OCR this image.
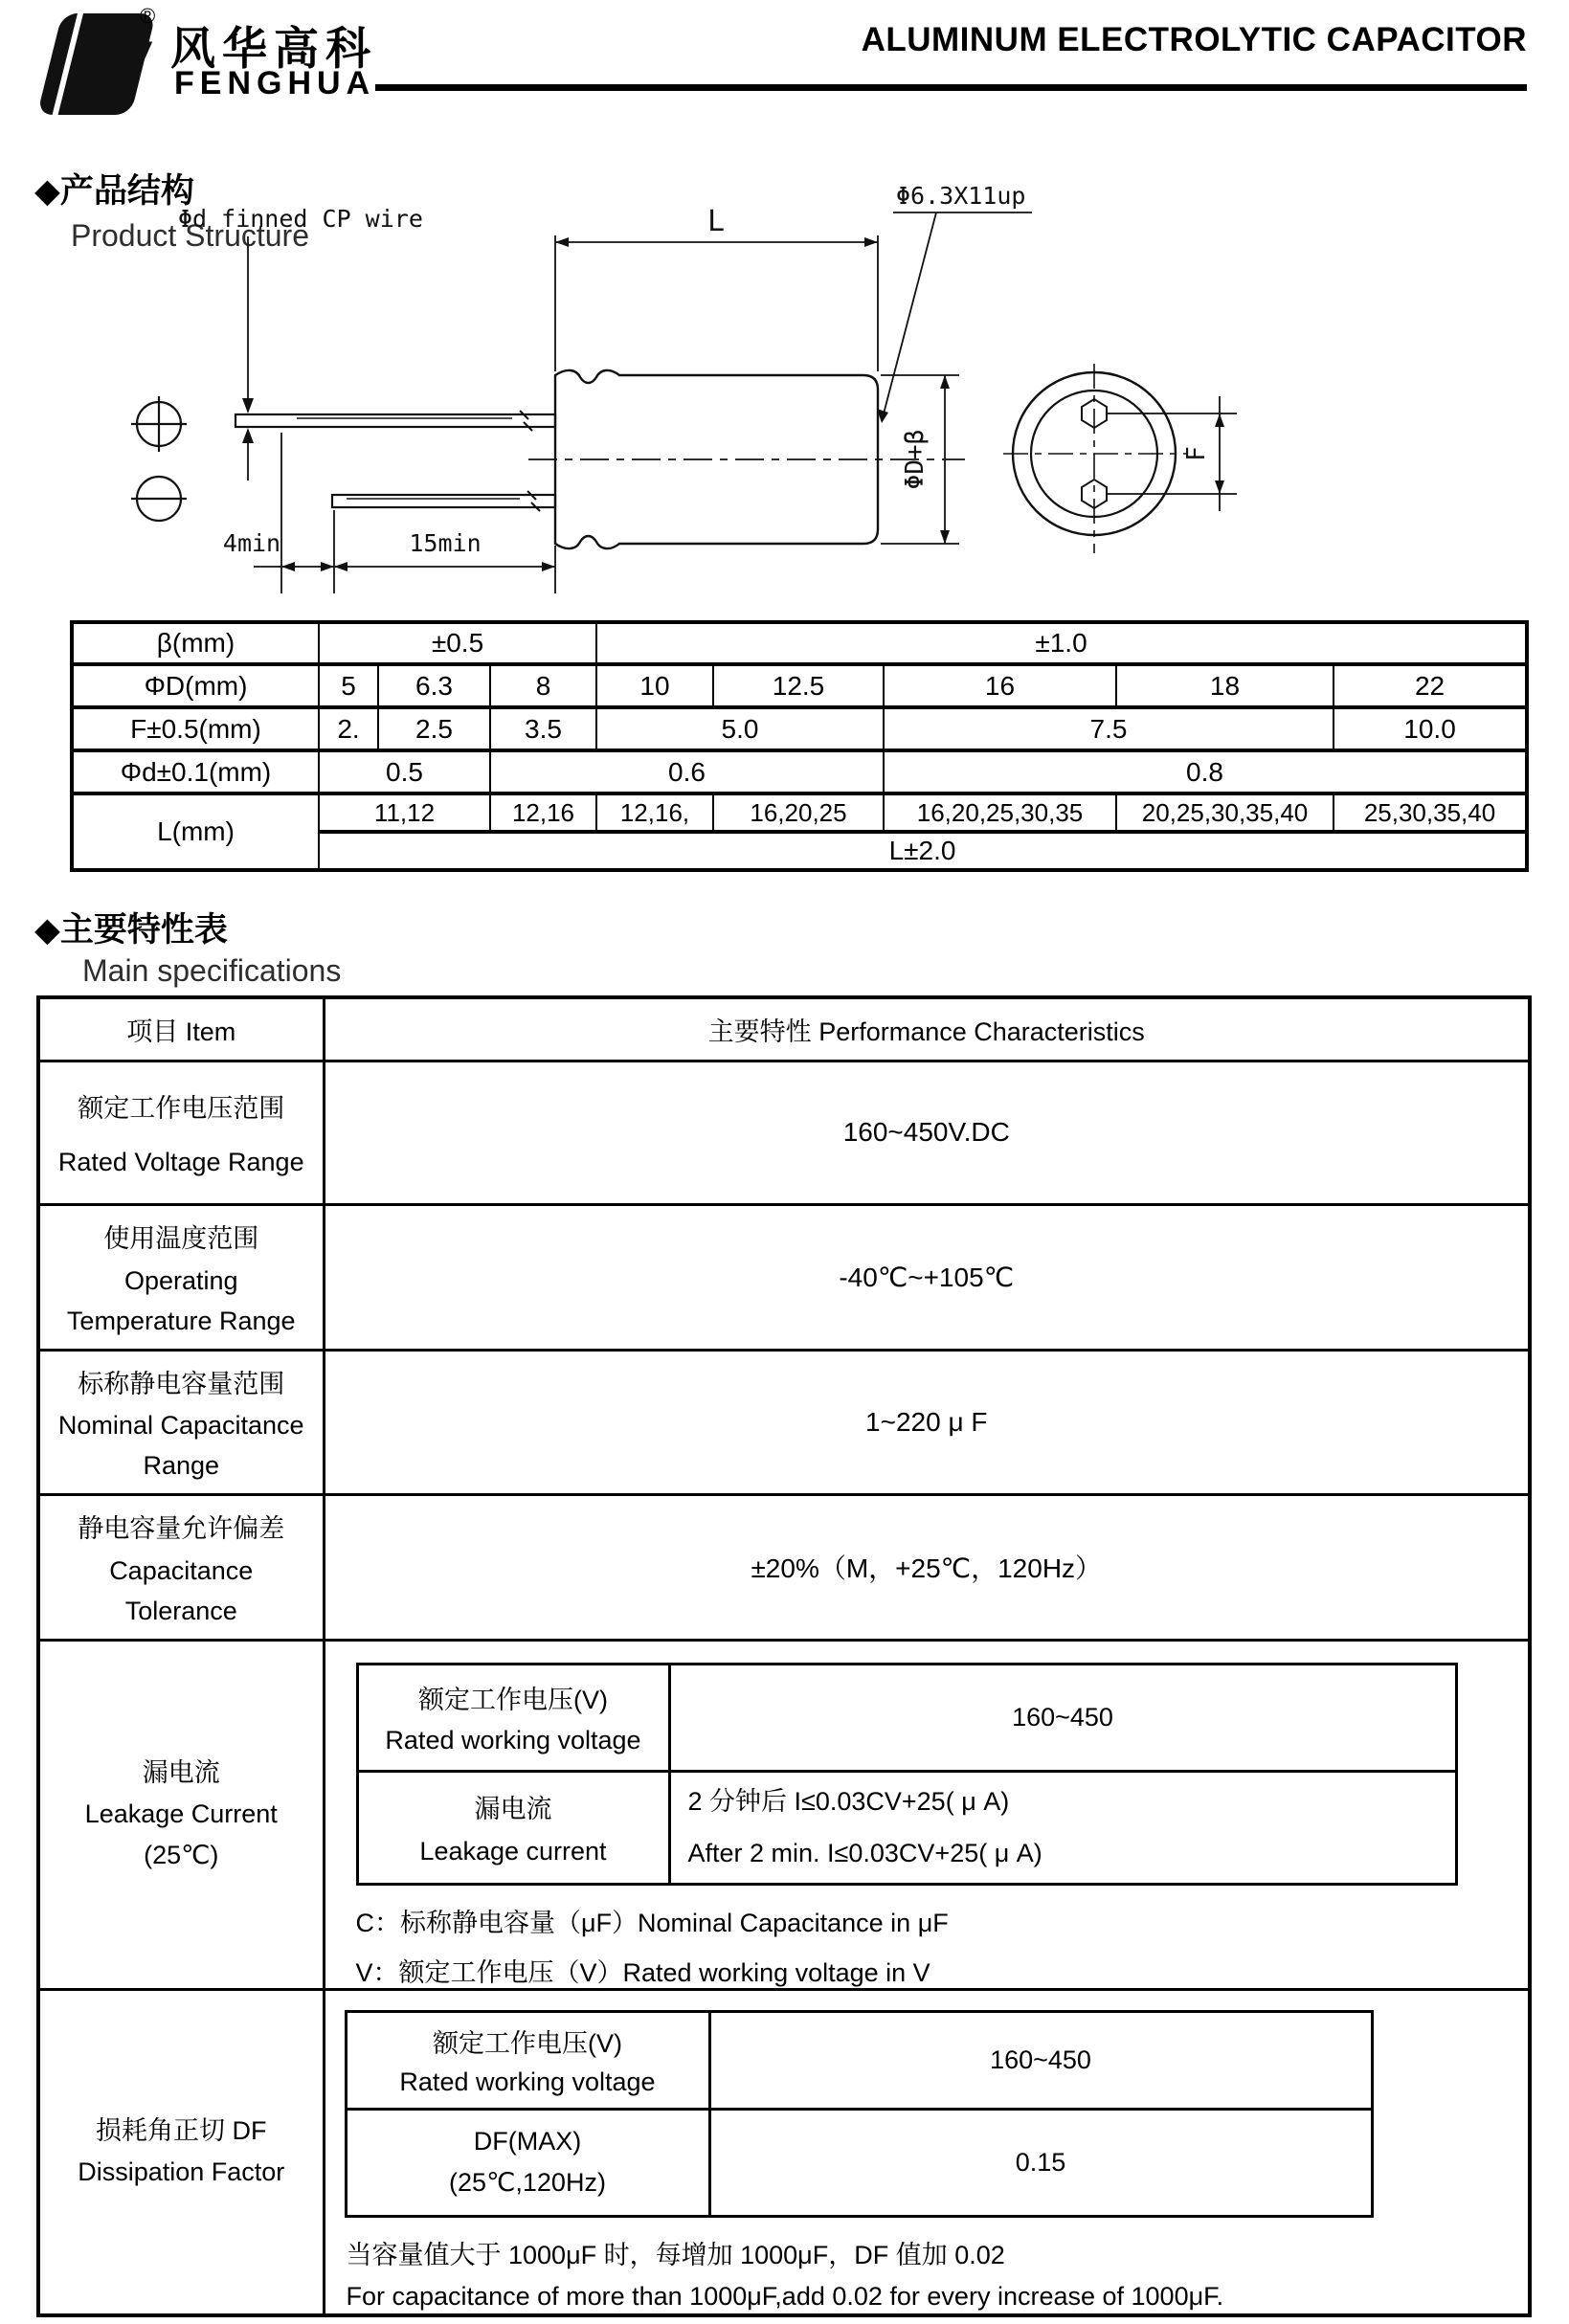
fH
®
风华高科
FENGHUA
ALUMINUM ELECTROLYTIC CAPACITOR
◆产品结构
Product Structure
Φd finned CP wire	L
Φ6.3X11up
4min	15min
ΦD+β	F
β(mm)	±0.5			±1.0				
ΦD(mm)	5	6.3	8	10	12.5	16	18	22
F±0.5(mm)	2.	2.5	3.5	5.0		7.5		10.0
Φd±0.1(mm)	0.5		0.6			0.8		
L(mm)	11,12		12,16	12,16,	16,20,25	16,20,25,30,35	20,25,30,35,40	25,30,35,40
	L±2.0							
◆主要特性表
Main specifications
项目 Item	主要特性 Performance Characteristics

额定工作电压范围
Rated Voltage Range
	160~450V.DC

使用温度范围
Operating
Temperature Range
	-40℃~+105℃

标称静电容量范围
Nominal Capacitance
Range
	1~220 μ F

静电容量允许偏差
Capacitance
Tolerance
	±20%（M，+25℃，120Hz）

漏电流
Leakage Current
(25℃)

额定工作电压(V)
Rated working voltage
	160~450

漏电流
Leakage current

2 分钟后 I≤0.03CV+25( μ A)
After 2 min. I≤0.03CV+25( μ A)
C：标称静电容量（μF）Nominal Capacitance in μF
V：额定工作电压（V）Rated working voltage in V

损耗角正切 DF
Dissipation Factor

额定工作电压(V)
Rated working voltage
	160~450

DF(MAX)
(25℃,120Hz)
	0.15
当容量值大于 1000μF 时，每增加 1000μF，DF 值加 0.02
For capacitance of more than 1000μF,add 0.02 for every increase of 1000μF.
